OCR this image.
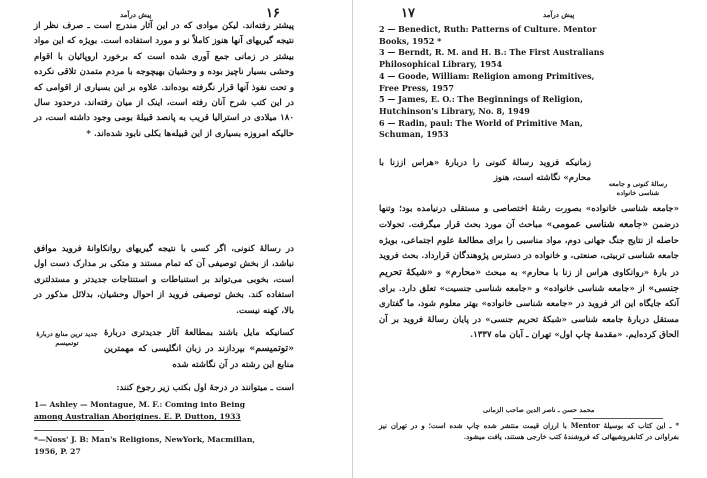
۱۶
پیش درآمد
پیشتر رفته‌اند. لیکن موادی که در این آثار مندرج است ـ صرف نظر از نتیجه گیریهای آنها هنوز کاملاً نو و مورد استفاده است. بویژه که این مواد بیشتر در زمانی جمع آوری شده است که برخورد اروپائیان با اقوام وحشی بسیار ناچیز بوده و وحشیان بهیچوجه با مردم متمدن تلاقی نکرده و تحت نفوذ آنها قرار نگرفته بوده‌اند. علاوه بر این بسیاری از اقوامی که در این کتب شرح آنان رفته است، اینک از میان رفته‌اند. درحدود سال ۱۸۰ میلادی در استرالیا قریب به پانصد قبیلهٔ بومی وجود داشته است، در حالیکه امروزه بسیاری از این قبیله‌ها بکلی نابود شده‌اند. *
در رسالهٔ کنونی، اگر کسی با نتیجه گیریهای روانکاوانهٔ فروید موافق نباشد، از بخش توصیفی آن که تمام مستند و متکی بر مدارک دست اول است، بخوبی می‌تواند بر استنباطات و استنتاجات جدیدتر و مستدلتری استفاده کند. بخش توصیفی فروید از احوال وحشیان، بدلائل مذکور در بالا، کهنه نیست.
کسانیکه مایل باشند بمطالعهٔ آثار جدیدتری دربارهٔ «توتمیسم» بپردازند در زبان انگلیسی که مهمترین منابع این رشته در آن نگاشته شده
جدید ترین منابع دربارهٔ توتمیسم
است ـ میتوانند در درجهٔ اول بکتب زیر رجوع کنند:
1— Ashley — Montague, M. F.: Coming into Being
among Australian Aborigines. E. P. Dutton, 1933
*—Noss' J. B: Man's Religions, NewYork, Macmillan,
1956, P. 27
۱۷	پیش درآمد
2 — Benedict, Ruth: Patterns of Culture. Mentor
Books, 1952 *
3 — Berndt, R. M. and H. B.: The First Australians
Philosophical Library, 1954
4 — Goode, William: Religion among Primitives,
Free Press, 1957
5 — James, E. O.: The Beginnings of Religion,
Hutchinson's Library, No. 8, 1949
6 — Radin, paul: The World of Primitive Man,
Schuman, 1953
زمانیکه فروید رسالهٔ کنونی را دربارهٔ «هراس اززنا با محارم» نگاشته است، هنوز
رسالهٔ کنونی و جامعه شناسی خانواده
«جامعه شناسی خانواده» بصورت رشتهٔ اختصاصی و مستقلی درنیامده بود؛ وتنها درضمن «جامعه شناسی عمومی» مباحث آن مورد بحث قرار میگرفت. تحولات حاصله از نتایج جنگ جهانی دوم، مواد مناسبی را برای مطالعهٔ علوم اجتماعی، بویژه جامعه شناسی تربیتی، صنعتی، و خانواده در دسترس پژوهندگان قرارداد. بحث فروید در بارهٔ «روانکاوی هراس از زنا با محارم» به مبحث «محارم» و «شبکهٔ تحریم جنسی» از «جامعه شناسی خانواده» و «جامعه شناسی جنسیت» تعلق دارد. برای آنکه جایگاه این اثر فروید در «جامعه شناسی خانواده» بهتر معلوم شود، ما گفتاری مستقل دربارهٔ جامعه شناسی «شبکهٔ تحریم جنسی» در پایان رسالهٔ فروید بر آن الحاق کرده‌ایم. «مقدمهٔ چاپ اول» تهران ـ آبان ماه ۱۳۳۷.
محمد حسن ـ ناصر الدین صاحب الزمانی
* ـ این کتاب که بوسیلهٔ Mentor با ارزان قیمت منتشر شده چاپ شده است؛ و در تهران نیز بفراوانی در کتابفروشیهائی که فروشندهٔ کتب خارجی هستند، یافت میشود.
